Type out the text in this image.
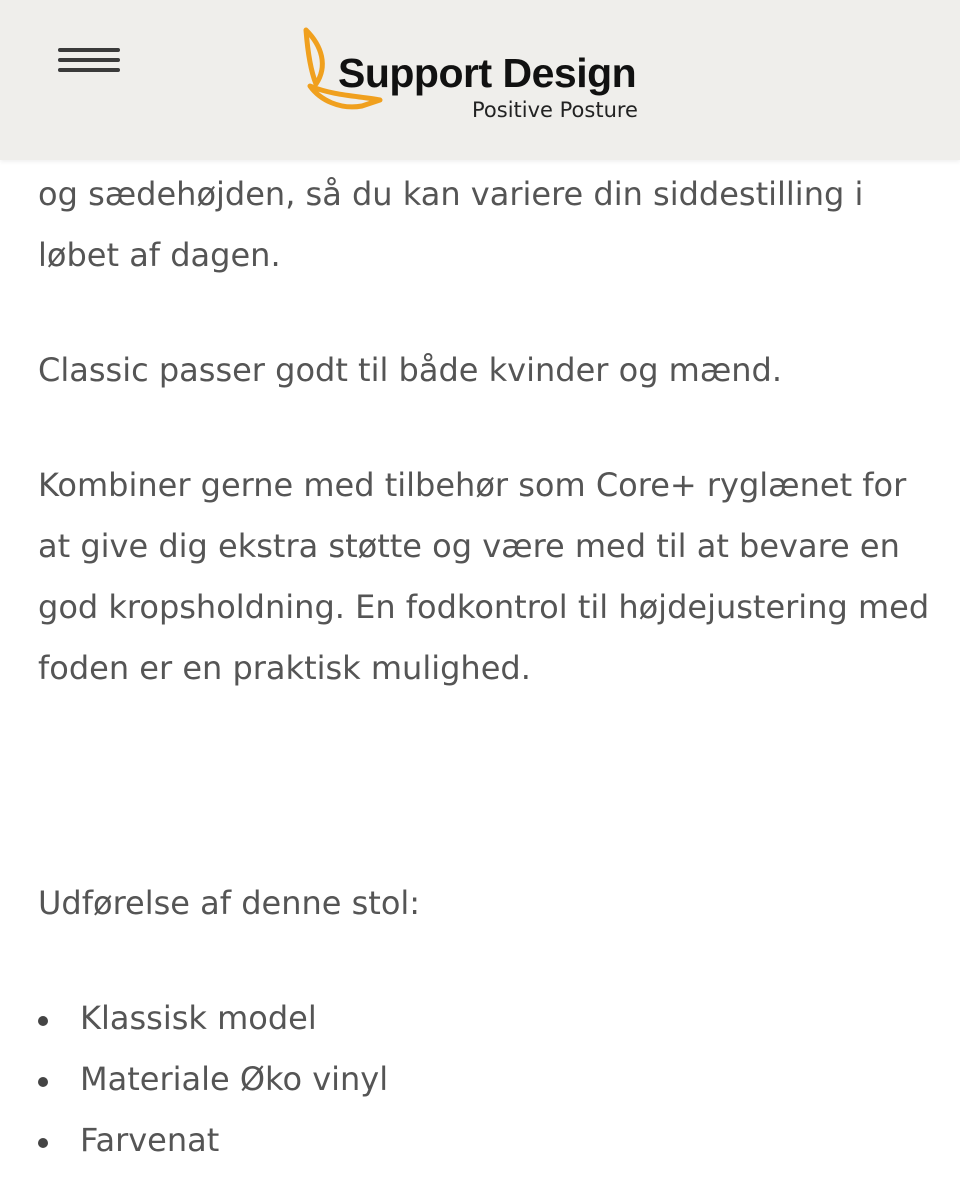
Support Design
Positive Posture

og sædehøjden, så du kan variere din siddestilling i løbet af dagen.

Classic passer godt til både kvinder og mænd.

Kombiner gerne med tilbehør som Core+ ryglænet for at give dig ekstra støtte og være med til at bevare en god kropsholdning. En fodkontrol til højdejustering med foden er en praktisk mulighed.

Udførelse af denne stol:

Klassisk model
Materiale Øko vinyl
Farvenat
